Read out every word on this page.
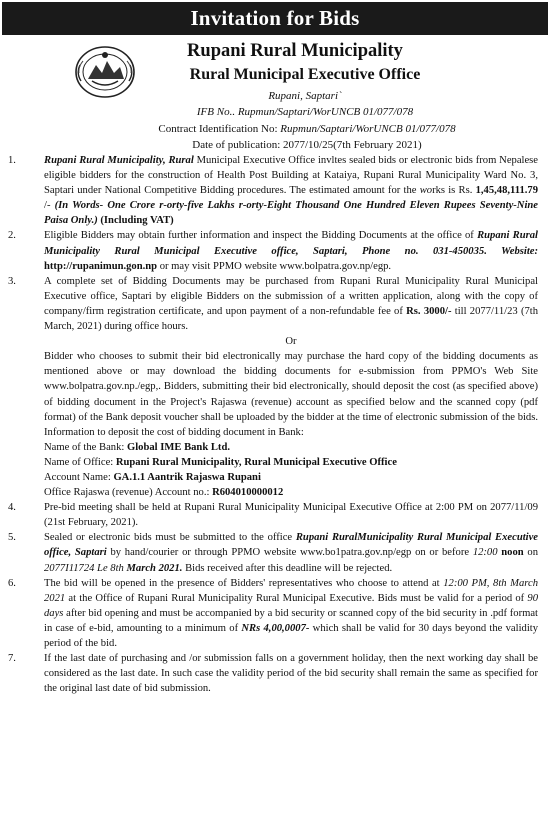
Invitation for Bids
Rupani Rural Municipality
Rural Municipal Executive Office
Rupani, Saptari`
IFB No.. Rupmun/Saptari/WorUNCB 01/077/078
Contract Identification No: Rupmun/Saptari/WorUNCB 01/077/078
Date of publication: 2077/10/25(7th February 2021)
1.	Rupani Rural Municipality, Rural Municipal Executive Office invltes sealed bids or electronic bids from Nepalese eligible bidders for the construction of Health Post Building at Kataiya, Rupani Rural Municipality Ward No. 3, Saptari under National Competitive Bidding procedures. The estimated amount for the works is Rs. 1,45,48,111.79 /- (In Words- One Crore r-orty-five Lakhs r-orty-Eight Thousand One Hundred Eleven Rupees Seventy-Nine Paisa Only.) (Including VAT)
2.	Eligible Bidders may obtain further information and inspect the Bidding Documents at the office of Rupani Rural Municipality Rural Municipal Executive office, Saptari, Phone no. 031-450035. Website: http://rupanimun.gon.np or may visit PPMO website www.bolpatra.gov.np/egp.
3.	A complete set of Bidding Documents may be purchased from Rupani Rural Municipality Rural Municipal Executive office, Saptari by eligible Bidders on the submission of a written application, along with the copy of company/firm registration certificate, and upon payment of a non-refundable fee of Rs. 3000/- till 2077/11/23 (7th March, 2021) during office hours.
Or
Bidder who chooses to submit their bid electronically may purchase the hard copy of the bidding documents as mentioned above or may download the bidding documents for e-submission from PPMO's Web Site www.bolpatra.gov.np./egp,. Bidders, submitting their bid electronically, should deposit the cost (as specified above) of bidding document in the Project's Rajaswa (revenue) account as specified below and the scanned copy (pdf format) of the Bank deposit voucher shall be uploaded by the bidder at the time of electronic submission of the bids. Information to deposit the cost of bidding document in Bank:
Name of the Bank: Global IME Bank Ltd.
Name of Office: Rupani Rural Municipality, Rural Municipal Executive Office
Account Name: GA.1.1 Aantrik Rajaswa Rupani
Office Rajaswa (revenue) Account no.: R604010000012
4.	Pre-bid meeting shall be held at Rupani Rural Municipality Municipal Executive Office at 2:00 PM on 2077/11/09 (21st February, 2021).
5.	Sealed or electronic bids must be submitted to the office Rupani RuralMunicipality Rural Municipal Executive office, Saptari by hand/courier or through PPMO website www.bo1patra.gov.np/egp on or before 12:00 noon on 2077I11724 Le 8th March 2021. Bids received after this deadline will be rejected.
6.	The bid will be opened in the presence of Bidders' representatives who choose to attend at 12:00 PM, 8th March 2021 at the Office of Rupani Rural Municipality Rural Municipal Executive. Bids must be valid for a period of 90 days after bid opening and must be accompanied by a bid security or scanned copy of the bid security in .pdf format in case of e-bid, amounting to a minimum of NRs 4,00,0007- which shall be valid for 30 days beyond the validity period of the bid.
7.	If the last date of purchasing and /or submission falls on a government holiday, then the next working day shall be considered as the last date. In such case the validity period of the bid security shall remain the same as specified for the original last date of bid submission.
